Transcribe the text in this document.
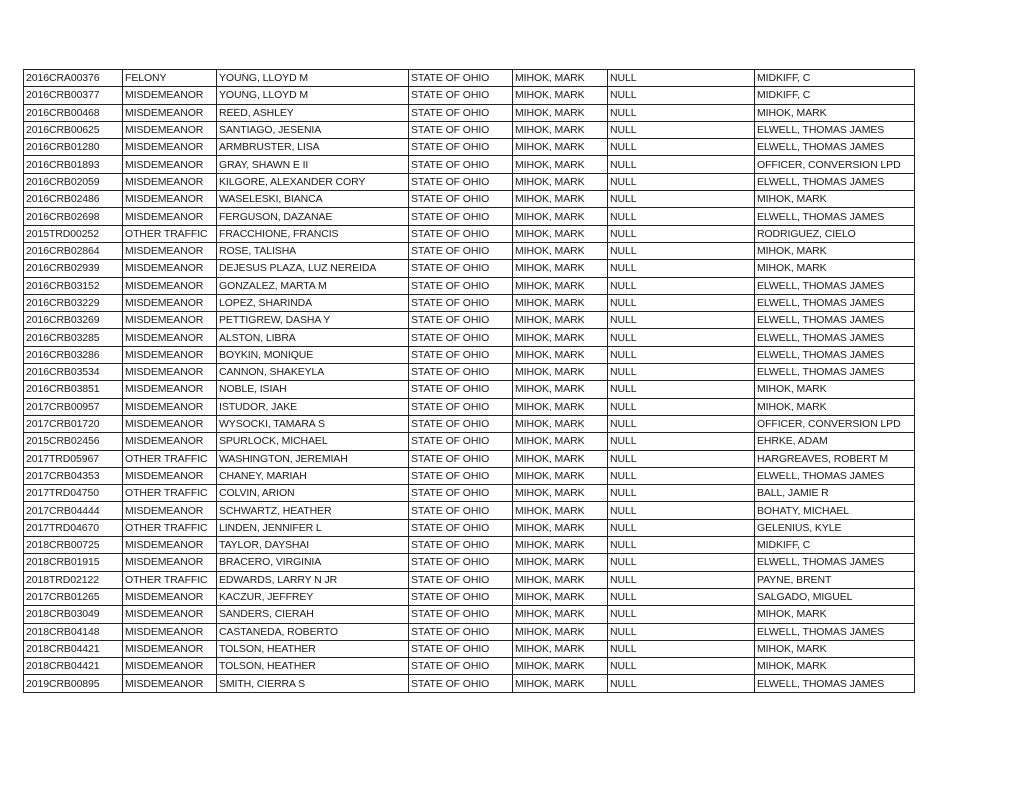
2016CRA00376	FELONY	YOUNG, LLOYD M	STATE OF OHIO	MIHOK, MARK	NULL	MIDKIFF, C
2016CRB00377	MISDEMEANOR	YOUNG, LLOYD M	STATE OF OHIO	MIHOK, MARK	NULL	MIDKIFF, C
2016CRB00468	MISDEMEANOR	REED, ASHLEY	STATE OF OHIO	MIHOK, MARK	NULL	MIHOK, MARK
2016CRB00625	MISDEMEANOR	SANTIAGO, JESENIA	STATE OF OHIO	MIHOK, MARK	NULL	ELWELL, THOMAS JAMES
2016CRB01280	MISDEMEANOR	ARMBRUSTER, LISA	STATE OF OHIO	MIHOK, MARK	NULL	ELWELL, THOMAS JAMES
2016CRB01893	MISDEMEANOR	GRAY, SHAWN E II	STATE OF OHIO	MIHOK, MARK	NULL	OFFICER, CONVERSION LPD
2016CRB02059	MISDEMEANOR	KILGORE, ALEXANDER CORY	STATE OF OHIO	MIHOK, MARK	NULL	ELWELL, THOMAS JAMES
2016CRB02486	MISDEMEANOR	WASELESKI, BIANCA	STATE OF OHIO	MIHOK, MARK	NULL	MIHOK, MARK
2016CRB02698	MISDEMEANOR	FERGUSON, DAZANAE	STATE OF OHIO	MIHOK, MARK	NULL	ELWELL, THOMAS JAMES
2015TRD00252	OTHER TRAFFIC	FRACCHIONE, FRANCIS	STATE OF OHIO	MIHOK, MARK	NULL	RODRIGUEZ, CIELO
2016CRB02864	MISDEMEANOR	ROSE, TALISHA	STATE OF OHIO	MIHOK, MARK	NULL	MIHOK, MARK
2016CRB02939	MISDEMEANOR	DEJESUS PLAZA, LUZ NEREIDA	STATE OF OHIO	MIHOK, MARK	NULL	MIHOK, MARK
2016CRB03152	MISDEMEANOR	GONZALEZ, MARTA M	STATE OF OHIO	MIHOK, MARK	NULL	ELWELL, THOMAS JAMES
2016CRB03229	MISDEMEANOR	LOPEZ, SHARINDA	STATE OF OHIO	MIHOK, MARK	NULL	ELWELL, THOMAS JAMES
2016CRB03269	MISDEMEANOR	PETTIGREW, DASHA Y	STATE OF OHIO	MIHOK, MARK	NULL	ELWELL, THOMAS JAMES
2016CRB03285	MISDEMEANOR	ALSTON, LIBRA	STATE OF OHIO	MIHOK, MARK	NULL	ELWELL, THOMAS JAMES
2016CRB03286	MISDEMEANOR	BOYKIN, MONIQUE	STATE OF OHIO	MIHOK, MARK	NULL	ELWELL, THOMAS JAMES
2016CRB03534	MISDEMEANOR	CANNON, SHAKEYLA	STATE OF OHIO	MIHOK, MARK	NULL	ELWELL, THOMAS JAMES
2016CRB03851	MISDEMEANOR	NOBLE, ISIAH	STATE OF OHIO	MIHOK, MARK	NULL	MIHOK, MARK
2017CRB00957	MISDEMEANOR	ISTUDOR, JAKE	STATE OF OHIO	MIHOK, MARK	NULL	MIHOK, MARK
2017CRB01720	MISDEMEANOR	WYSOCKI, TAMARA S	STATE OF OHIO	MIHOK, MARK	NULL	OFFICER, CONVERSION LPD
2015CRB02456	MISDEMEANOR	SPURLOCK, MICHAEL	STATE OF OHIO	MIHOK, MARK	NULL	EHRKE, ADAM
2017TRD05967	OTHER TRAFFIC	WASHINGTON, JEREMIAH	STATE OF OHIO	MIHOK, MARK	NULL	HARGREAVES, ROBERT M
2017CRB04353	MISDEMEANOR	CHANEY, MARIAH	STATE OF OHIO	MIHOK, MARK	NULL	ELWELL, THOMAS JAMES
2017TRD04750	OTHER TRAFFIC	COLVIN, ARION	STATE OF OHIO	MIHOK, MARK	NULL	BALL, JAMIE R
2017CRB04444	MISDEMEANOR	SCHWARTZ, HEATHER	STATE OF OHIO	MIHOK, MARK	NULL	BOHATY, MICHAEL
2017TRD04670	OTHER TRAFFIC	LINDEN, JENNIFER L	STATE OF OHIO	MIHOK, MARK	NULL	GELENIUS, KYLE
2018CRB00725	MISDEMEANOR	TAYLOR, DAYSHAI	STATE OF OHIO	MIHOK, MARK	NULL	MIDKIFF, C
2018CRB01915	MISDEMEANOR	BRACERO, VIRGINIA	STATE OF OHIO	MIHOK, MARK	NULL	ELWELL, THOMAS JAMES
2018TRD02122	OTHER TRAFFIC	EDWARDS, LARRY N JR	STATE OF OHIO	MIHOK, MARK	NULL	PAYNE, BRENT
2017CRB01265	MISDEMEANOR	KACZUR, JEFFREY	STATE OF OHIO	MIHOK, MARK	NULL	SALGADO, MIGUEL
2018CRB03049	MISDEMEANOR	SANDERS, CIERAH	STATE OF OHIO	MIHOK, MARK	NULL	MIHOK, MARK
2018CRB04148	MISDEMEANOR	CASTANEDA, ROBERTO	STATE OF OHIO	MIHOK, MARK	NULL	ELWELL, THOMAS JAMES
2018CRB04421	MISDEMEANOR	TOLSON, HEATHER	STATE OF OHIO	MIHOK, MARK	NULL	MIHOK, MARK
2018CRB04421	MISDEMEANOR	TOLSON, HEATHER	STATE OF OHIO	MIHOK, MARK	NULL	MIHOK, MARK
2019CRB00895	MISDEMEANOR	SMITH, CIERRA S	STATE OF OHIO	MIHOK, MARK	NULL	ELWELL, THOMAS JAMES
